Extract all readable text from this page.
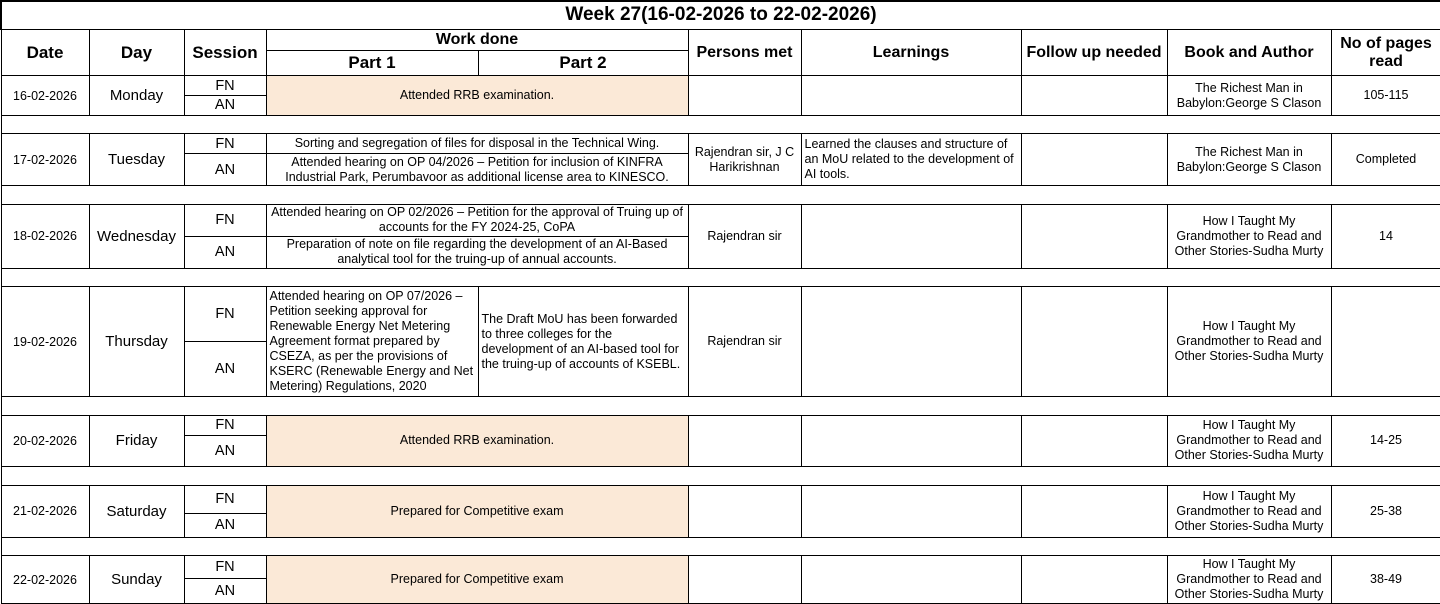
Week 27(16-02-2026 to 22-02-2026)									
Date	Day	Session	Work done		Persons met	Learnings	Follow up needed	Book and Author	No of pages read
			Part 1	Part 2					
16-02-2026	Monday	FN	Attended RRB examination.					The Richest Man in Babylon:George S Clason	105-115
		AN							

17-02-2026	Tuesday	FN	Sorting and segregation of files for disposal in the Technical Wing.		Rajendran sir, J C Harikrishnan	Learned the clauses and structure of an MoU related to the development of AI tools.		The Richest Man in Babylon:George S Clason	Completed
		AN	Attended hearing on OP 04/2026 – Petition for inclusion of KINFRA Industrial Park, Perumbavoor as additional license area to KINESCO.						

18-02-2026	Wednesday	FN	Attended hearing on OP 02/2026 – Petition for the approval of Truing up of accounts for the FY 2024-25, CoPA		Rajendran sir			How I Taught My Grandmother to Read and Other Stories-Sudha Murty	14
		AN	Preparation of note on file regarding the development of an AI-Based analytical tool for the truing-up of annual accounts.						

19-02-2026	Thursday	FN	Attended hearing on OP 07/2026 – Petition seeking approval for Renewable Energy Net Metering Agreement format prepared by CSEZA, as per the provisions of KSERC (Renewable Energy and Net Metering) Regulations, 2020	The Draft MoU has been forwarded to three colleges for the development of an AI-based tool for the truing-up of accounts of KSEBL.	Rajendran sir			How I Taught My Grandmother to Read and Other Stories-Sudha Murty	
		AN							

20-02-2026	Friday	FN	Attended RRB examination.					How I Taught My Grandmother to Read and Other Stories-Sudha Murty	14-25
		AN							

21-02-2026	Saturday	FN	Prepared for Competitive exam					How I Taught My Grandmother to Read and Other Stories-Sudha Murty	25-38
		AN							

22-02-2026	Sunday	FN	Prepared for Competitive exam					How I Taught My Grandmother to Read and Other Stories-Sudha Murty	38-49
		AN							
